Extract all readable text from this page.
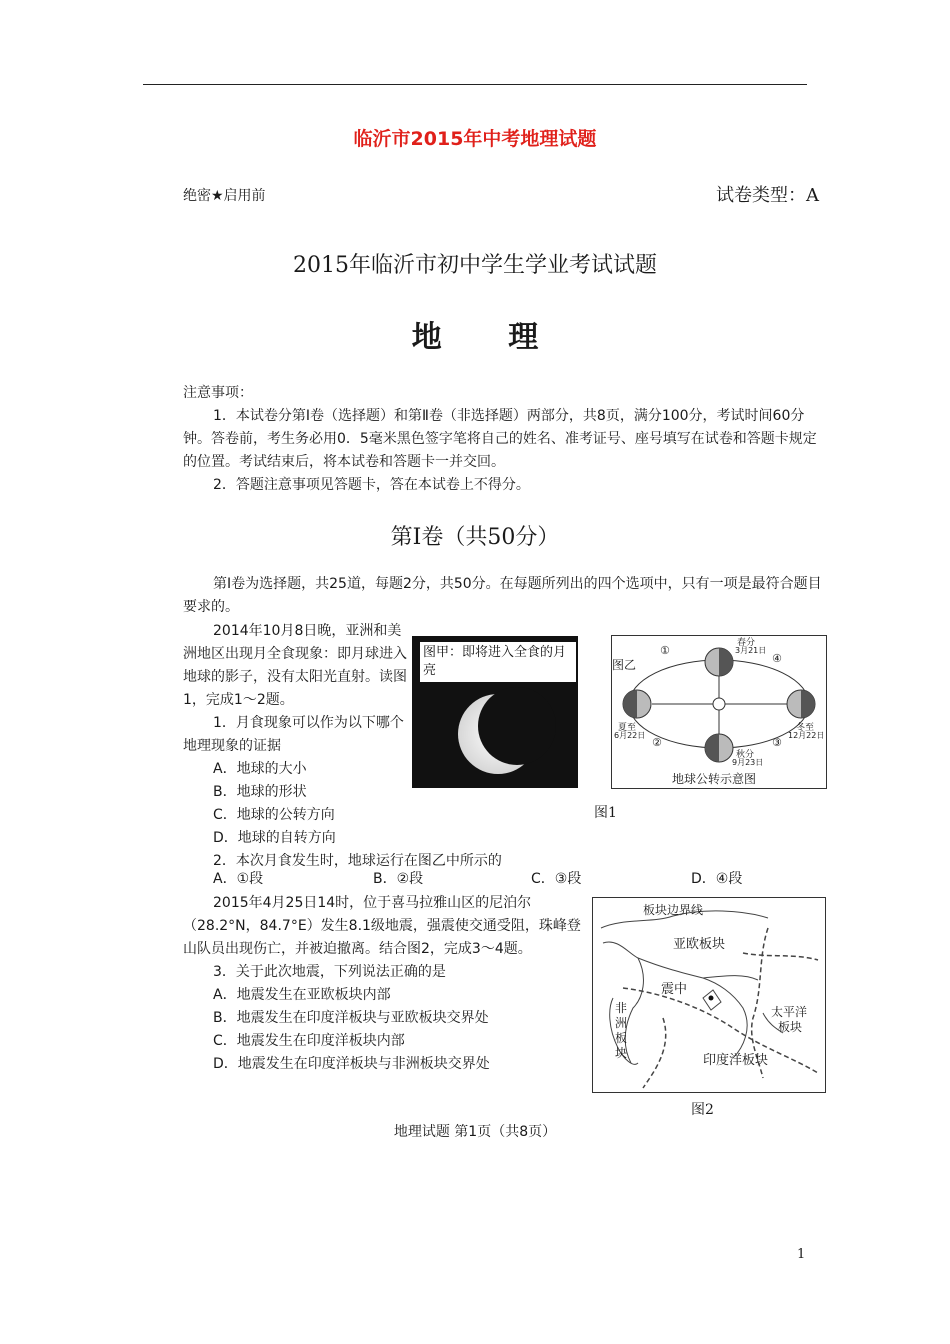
临沂市2015年中考地理试题
绝密★启用前	试卷类型：A
2015年临沂市初中学生学业考试试题
地 理

注意事项：

1．本试卷分第Ⅰ卷（选择题）和第Ⅱ卷（非选择题）两部分，共8页，满分100分，考试时间60分钟。答卷前，考生务必用0．5毫米黑色签字笔将自己的姓名、准考证号、座号填写在试卷和答题卡规定的位置。考试结束后，将本试卷和答题卡一并交回。

2．答题注意事项见答题卡，答在本试卷上不得分。

第Ⅰ卷（共50分）

第Ⅰ卷为选择题，共25道，每题2分，共50分。在每题所列出的四个选项中，只有一项是最符合题目要求的。

2014年10月8日晚，亚洲和美洲地区出现月全食现象：即月球进入地球的影子，没有太阳光直射。读图1，完成1～2题。

1．月食现象可以作为以下哪个地理现象的证据

A．地球的大小

B．地球的形状

C．地球的公转方向

D．地球的自转方向

2．本次月食发生时，地球运行在图乙中所示的

A．①段	B．②段	C．③段	D．④段

2015年4月25日14时，位于喜马拉雅山区的尼泊尔（28.2°N，84.7°E）发生8.1级地震，强震使交通受阻，珠峰登山队员出现伤亡，并被迫撤离。结合图2，完成3～4题。

3．关于此次地震，下列说法正确的是

A．地震发生在亚欧板块内部

B．地震发生在印度洋板块与亚欧板块交界处

C．地震发生在印度洋板块内部

D．地震发生在印度洋板块与非洲板块交界处

图甲：即将进入全食的月亮	图乙
①
②	③
④
春分
3月21日
夏至
6月22日
冬至
12月22日
秋分
9月23日
地球公转示意图
图1
板块边界线
亚欧板块
震中
非
洲
板
块
太平洋
板块
印度洋板块
图2
地理试题 第1页（共8页）
1
